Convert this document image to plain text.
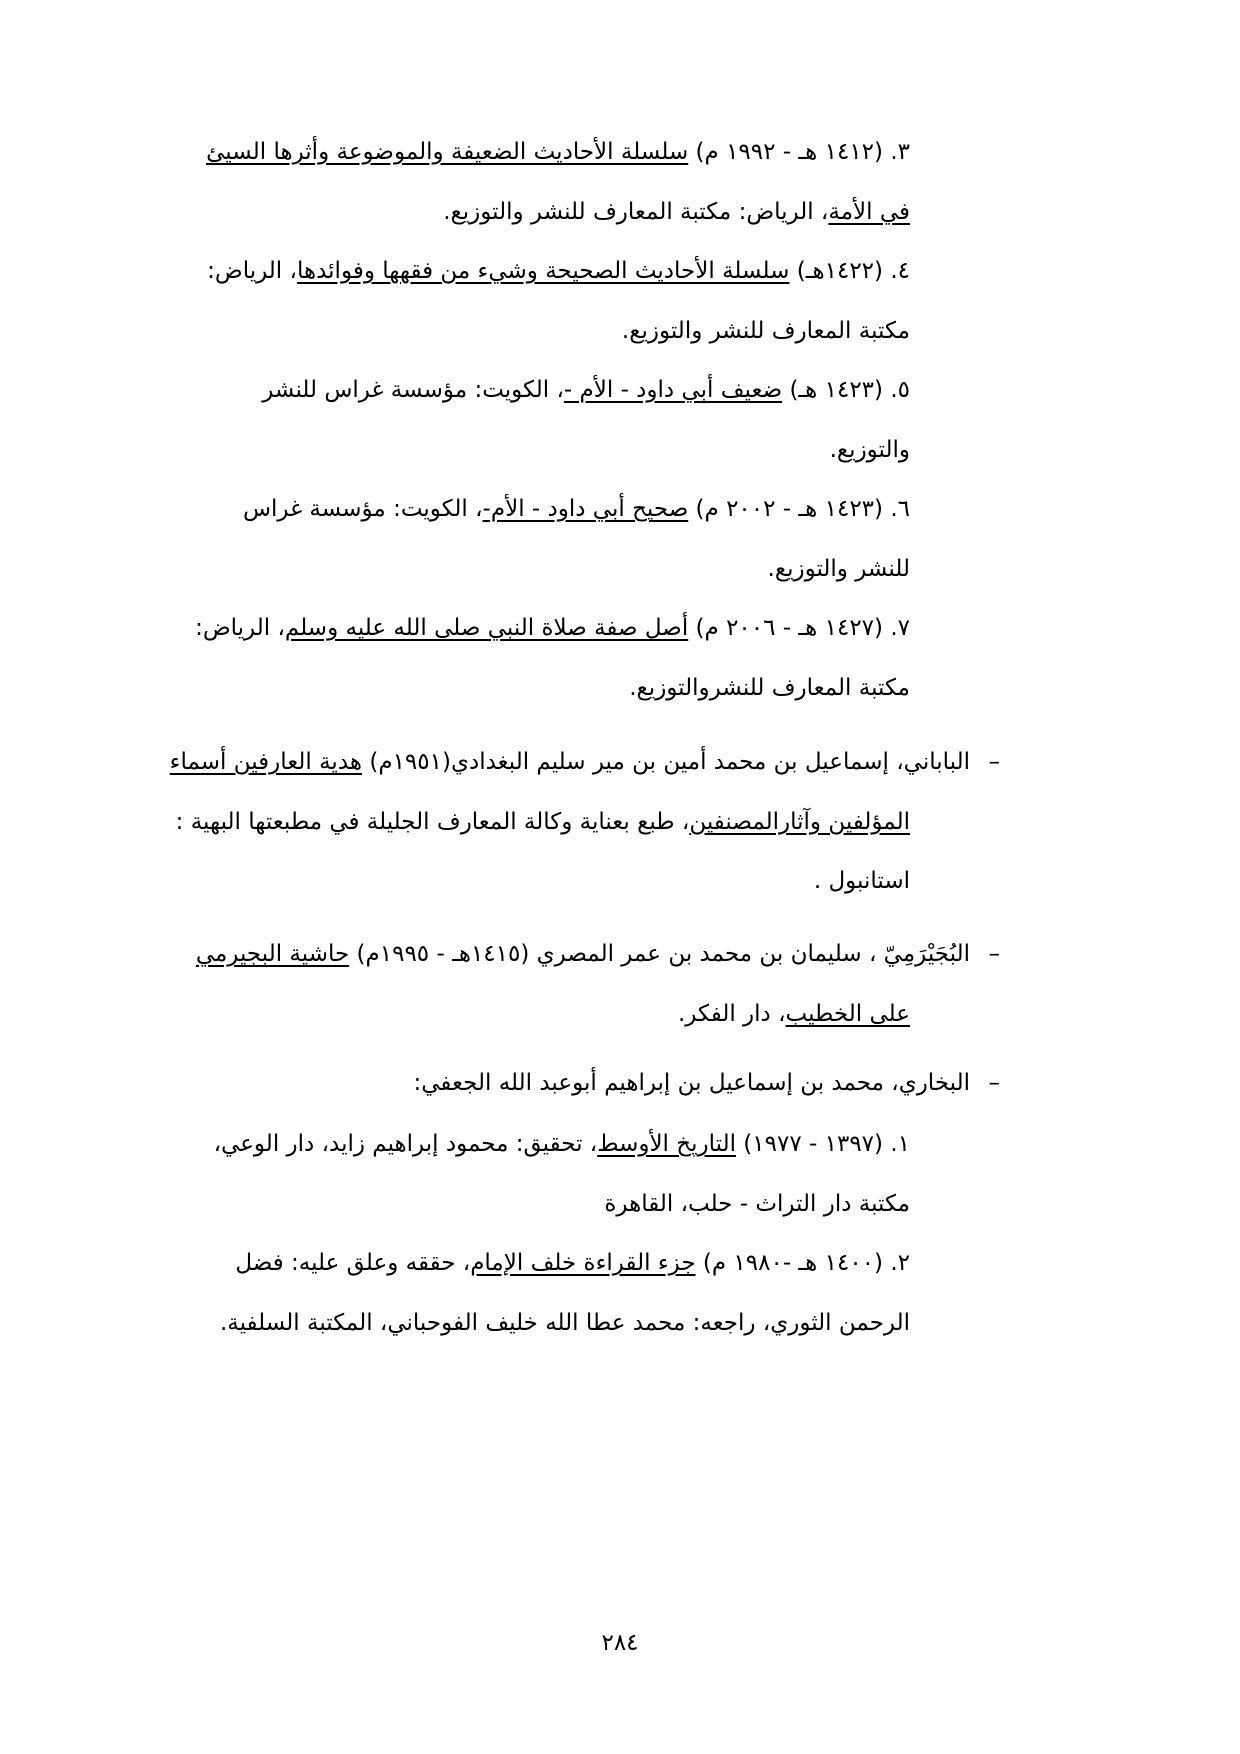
٣. (١٤١٢ هـ - ١٩٩٢ م) سلسلة الأحاديث الضعيفة والموضوعة وأثرها السيئ
في الأمة، الرياض: مكتبة المعارف للنشر والتوزيع.
٤. (١٤٢٢هـ) سلسلة الأحاديث الصحيحة وشيء من فقهها وفوائدها، الرياض:
مكتبة المعارف للنشر والتوزيع.
٥. (١٤٢٣ هـ) ضعيف أبي داود - الأم -، الكويت: مؤسسة غراس للنشر
والتوزيع.
٦. (١٤٢٣ هـ - ٢٠٠٢ م) صحيح أبي داود - الأم-، الكويت: مؤسسة غراس
للنشر والتوزيع.
٧. (١٤٢٧ هـ - ٢٠٠٦ م) أصل صفة صلاة النبي صلى الله عليه وسلم، الرياض:
مكتبة المعارف للنشروالتوزيع.
–
الباباني، إسماعيل بن محمد أمين بن مير سليم البغدادي(١٩٥١م) هدية العارفين أسماء
المؤلفين وآثارالمصنفين، طبع بعناية وكالة المعارف الجليلة في مطبعتها البهية :
استانبول .
–
البُجَيْرَمِيّ ، سليمان بن محمد بن عمر المصري (١٤١٥هـ - ١٩٩٥م) حاشية البجيرمي
على الخطيب، دار الفكر.
–
البخاري، محمد بن إسماعيل بن إبراهيم أبوعبد الله الجعفي:
١. (١٣٩٧ - ١٩٧٧) التاريخ الأوسط، تحقيق: محمود إبراهيم زايد، دار الوعي،
مكتبة دار التراث - حلب، القاهرة
٢. (١٤٠٠ هـ -١٩٨٠ م) جزء القراءة خلف الإمام، حققه وعلق عليه: فضل
الرحمن الثوري، راجعه: محمد عطا الله خليف الفوحباني، المكتبة السلفية.
٢٨٤
